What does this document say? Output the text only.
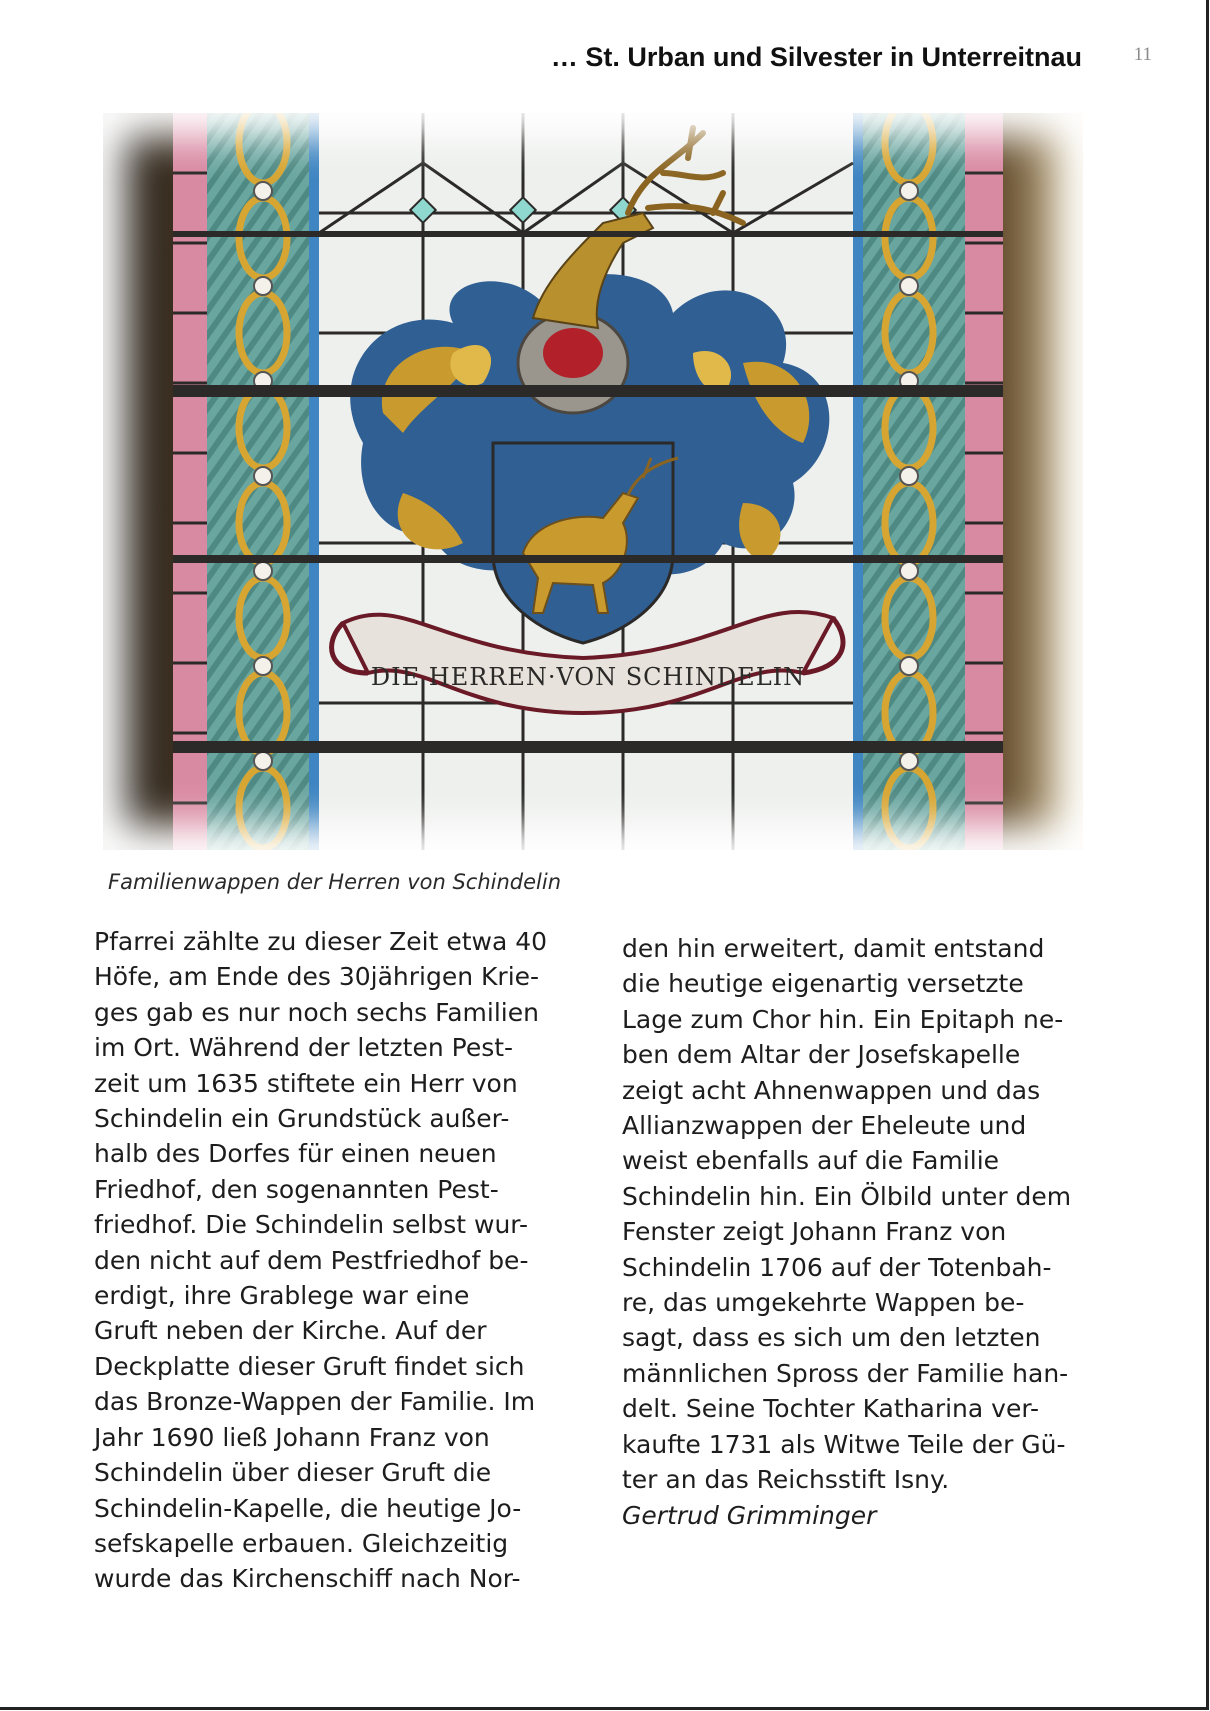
… St. Urban und Silvester in Unterreitnau	11
DIE HERREN·VON SCHINDELIN
Familienwappen der Herren von Schindelin
Pfarrei zählte zu dieser Zeit etwa 40
Höfe, am Ende des 30jährigen Krie-
ges gab es nur noch sechs Familien
im Ort. Während der letzten Pest-
zeit um 1635 stiftete ein Herr von
Schindelin ein Grundstück außer-
halb des Dorfes für einen neuen
Friedhof, den sogenannten Pest-
friedhof. Die Schindelin selbst wur-
den nicht auf dem Pestfriedhof be-
erdigt, ihre Grablege war eine
Gruft neben der Kirche. Auf der
Deckplatte dieser Gruft findet sich
das Bronze-Wappen der Familie. Im
Jahr 1690 ließ Johann Franz von
Schindelin über dieser Gruft die
Schindelin-Kapelle, die heutige Jo-
sefskapelle erbauen. Gleichzeitig
wurde das Kirchenschiff nach Nor-
den hin erweitert, damit entstand
die heutige eigenartig versetzte
Lage zum Chor hin. Ein Epitaph ne-
ben dem Altar der Josefskapelle
zeigt acht Ahnenwappen und das
Allianzwappen der Eheleute und
weist ebenfalls auf die Familie
Schindelin hin. Ein Ölbild unter dem
Fenster zeigt Johann Franz von
Schindelin 1706 auf der Totenbah-
re, das umgekehrte Wappen be-
sagt, dass es sich um den letzten
männlichen Spross der Familie han-
delt. Seine Tochter Katharina ver-
kaufte 1731 als Witwe Teile der Gü-
ter an das Reichsstift Isny.
Gertrud Grimminger
